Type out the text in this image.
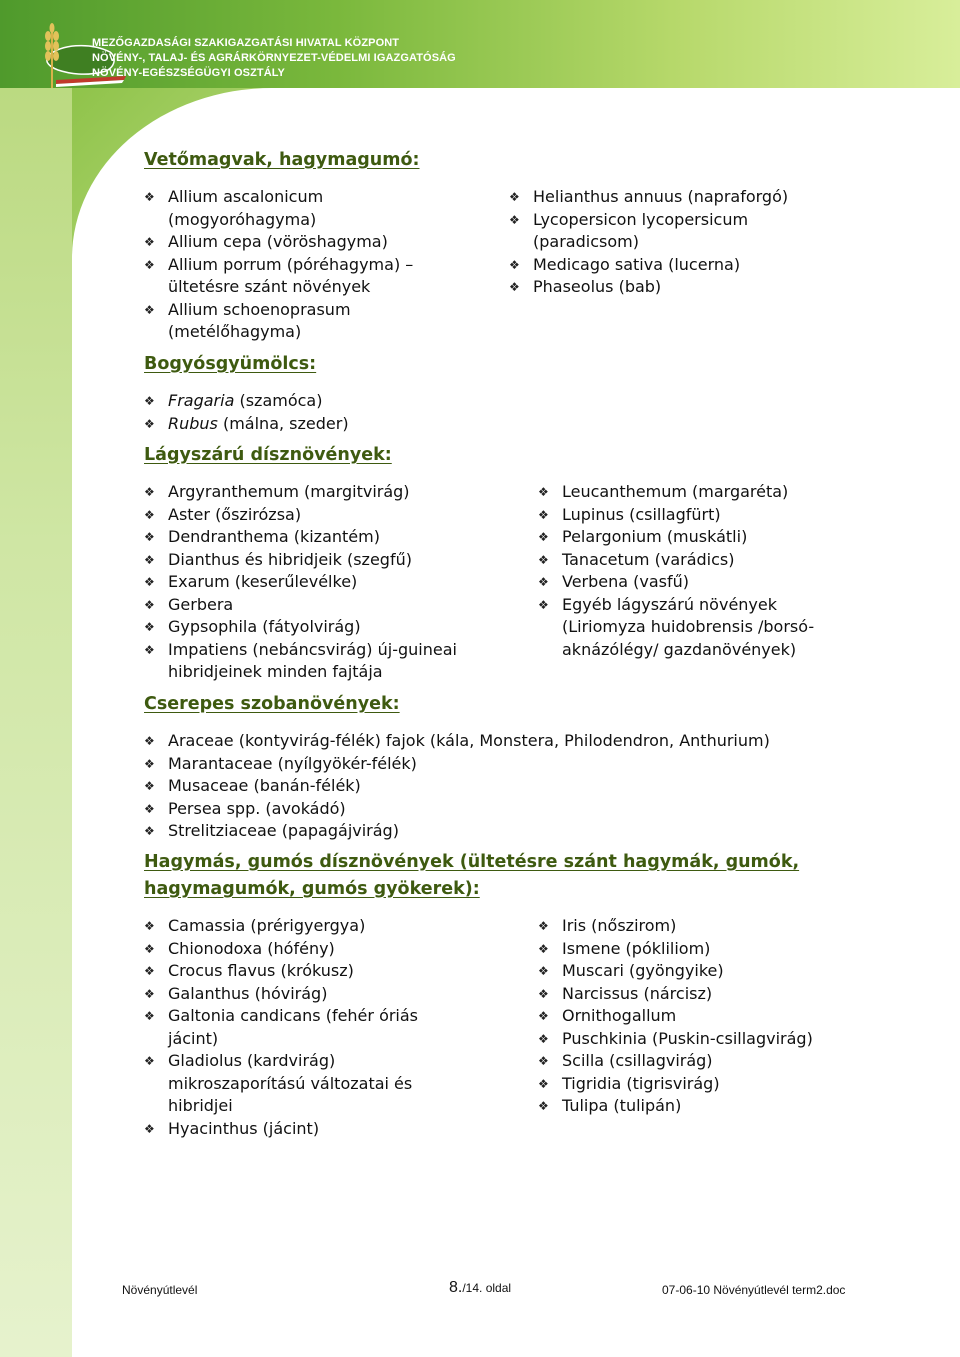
MEZŐGAZDASÁGI SZAKIGAZGATÁSI HIVATAL KÖZPONT
NÖVÉNY-, TALAJ- ÉS AGRÁRKÖRNYEZET-VÉDELMI IGAZGATÓSÁG
NÖVÉNY-EGÉSZSÉGÜGYI OSZTÁLY
Vetőmagvak, hagymagumó:
❖ Allium ascalonicum
(mogyoróhagyma)
❖ Allium cepa (vöröshagyma)
❖ Allium porrum (póréhagyma) –
ültetésre szánt növények
❖ Allium schoenoprasum
(metélőhagyma)
❖ Helianthus annuus (napraforgó)
❖ Lycopersicon lycopersicum
(paradicsom)
❖ Medicago sativa (lucerna)
❖ Phaseolus (bab)
Bogyósgyümölcs:
❖ Fragaria (szamóca)
❖ Rubus (málna, szeder)
Lágyszárú dísznövények:
❖ Argyranthemum (margitvirág)
❖ Aster (őszirózsa)
❖ Dendranthema (kizantém)
❖ Dianthus és hibridjeik (szegfű)
❖ Exarum (keserűlevélke)
❖ Gerbera
❖ Gypsophila (fátyolvirág)
❖ Impatiens (nebáncsvirág) új-guineai
hibridjeinek minden fajtája
❖ Leucanthemum (margaréta)
❖ Lupinus (csillagfürt)
❖ Pelargonium (muskátli)
❖ Tanacetum (varádics)
❖ Verbena (vasfű)
❖ Egyéb lágyszárú növények
(Liriomyza huidobrensis /borsó-
aknázólégy/ gazdanövények)
Cserepes szobanövények:
❖ Araceae (kontyvirág-félék) fajok (kála, Monstera, Philodendron, Anthurium)
❖ Marantaceae (nyílgyökér-félék)
❖ Musaceae (banán-félék)
❖ Persea spp. (avokádó)
❖ Strelitziaceae (papagájvirág)
Hagymás, gumós dísznövények (ültetésre szánt hagymák, gumók,
hagymagumók, gumós gyökerek):
❖ Camassia (prérigyergya)
❖ Chionodoxa (hófény)
❖ Crocus flavus (krókusz)
❖ Galanthus (hóvirág)
❖ Galtonia candicans (fehér óriás
jácint)
❖ Gladiolus (kardvirág)
mikroszaporítású változatai és
hibridjei
❖ Hyacinthus (jácint)
❖ Iris (nőszirom)
❖ Ismene (pókliliom)
❖ Muscari (gyöngyike)
❖ Narcissus (nárcisz)
❖ Ornithogallum
❖ Puschkinia (Puskin-csillagvirág)
❖ Scilla (csillagvirág)
❖ Tigridia (tigrisvirág)
❖ Tulipa (tulipán)
Növényútlevél	8./14. oldal	07-06-10 Növényútlevél term2.doc
